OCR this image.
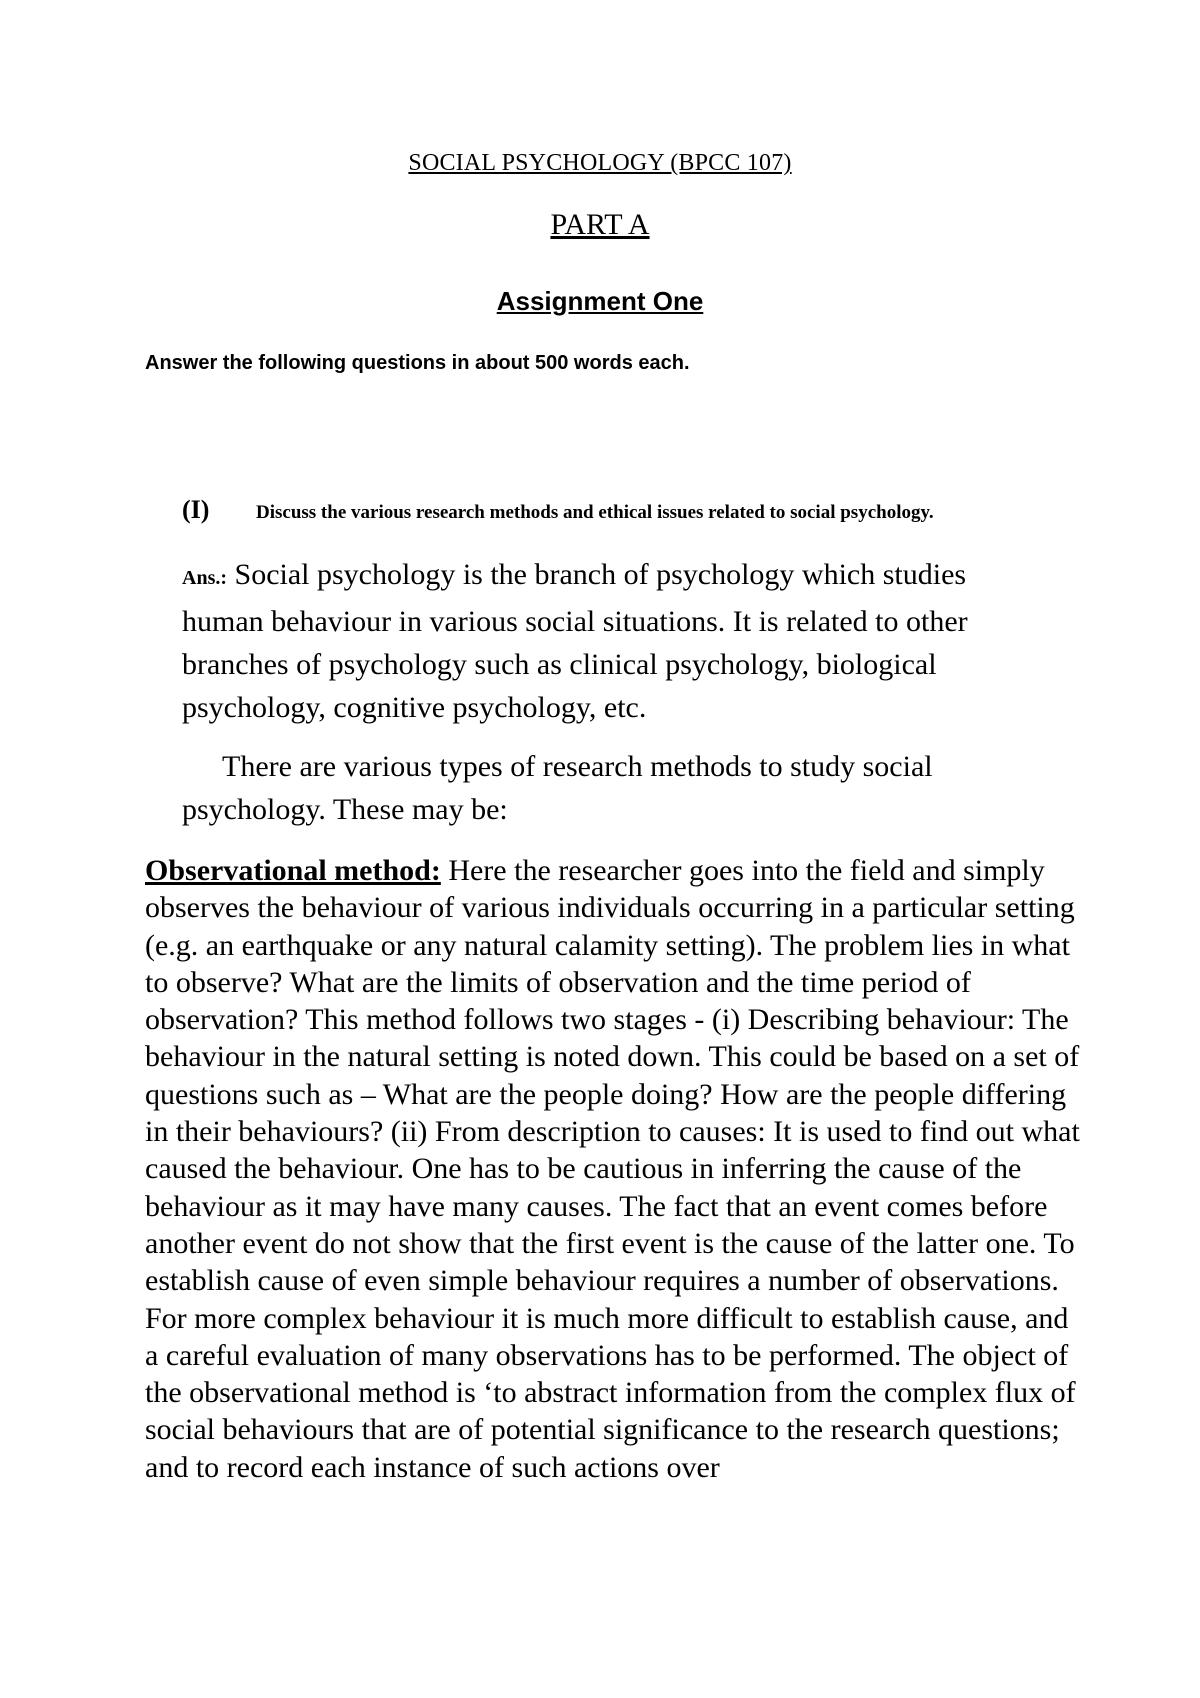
SOCIAL PSYCHOLOGY (BPCC 107)
PART A
Assignment One
Answer the following questions in about 500 words each.
(I) Discuss the various research methods and ethical issues related to social psychology.
Ans.: Social psychology is the branch of psychology which studies human behaviour in various social situations. It is related to other branches of psychology such as clinical psychology, biological psychology, cognitive psychology, etc.
There are various types of research methods to study social psychology. These may be:
Observational method: Here the researcher goes into the field and simply observes the behaviour of various individuals occurring in a particular setting (e.g. an earthquake or any natural calamity setting). The problem lies in what to observe? What are the limits of observation and the time period of observation? This method follows two stages - (i) Describing behaviour: The behaviour in the natural setting is noted down. This could be based on a set of questions such as – What are the people doing? How are the people differing in their behaviours? (ii) From description to causes: It is used to find out what caused the behaviour. One has to be cautious in inferring the cause of the behaviour as it may have many causes. The fact that an event comes before another event do not show that the first event is the cause of the latter one. To establish cause of even simple behaviour requires a number of observations. For more complex behaviour it is much more difficult to establish cause, and a careful evaluation of many observations has to be performed. The object of the observational method is ‘to abstract information from the complex flux of social behaviours that are of potential significance to the research questions; and to record each instance of such actions over
